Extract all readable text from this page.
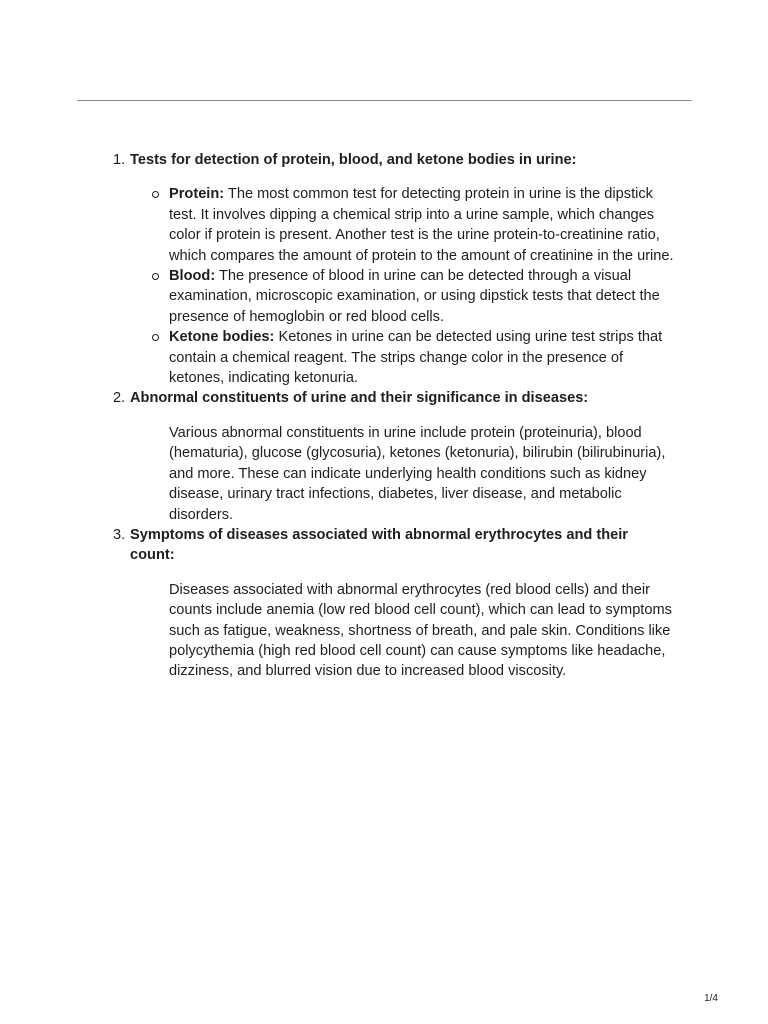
1. Tests for detection of protein, blood, and ketone bodies in urine:
Protein: The most common test for detecting protein in urine is the dipstick test. It involves dipping a chemical strip into a urine sample, which changes color if protein is present. Another test is the urine protein-to-creatinine ratio, which compares the amount of protein to the amount of creatinine in the urine.
Blood: The presence of blood in urine can be detected through a visual examination, microscopic examination, or using dipstick tests that detect the presence of hemoglobin or red blood cells.
Ketone bodies: Ketones in urine can be detected using urine test strips that contain a chemical reagent. The strips change color in the presence of ketones, indicating ketonuria.
2. Abnormal constituents of urine and their significance in diseases:
Various abnormal constituents in urine include protein (proteinuria), blood (hematuria), glucose (glycosuria), ketones (ketonuria), bilirubin (bilirubinuria), and more. These can indicate underlying health conditions such as kidney disease, urinary tract infections, diabetes, liver disease, and metabolic disorders.
3. Symptoms of diseases associated with abnormal erythrocytes and their count:
Diseases associated with abnormal erythrocytes (red blood cells) and their counts include anemia (low red blood cell count), which can lead to symptoms such as fatigue, weakness, shortness of breath, and pale skin. Conditions like polycythemia (high red blood cell count) can cause symptoms like headache, dizziness, and blurred vision due to increased blood viscosity.
1/4
